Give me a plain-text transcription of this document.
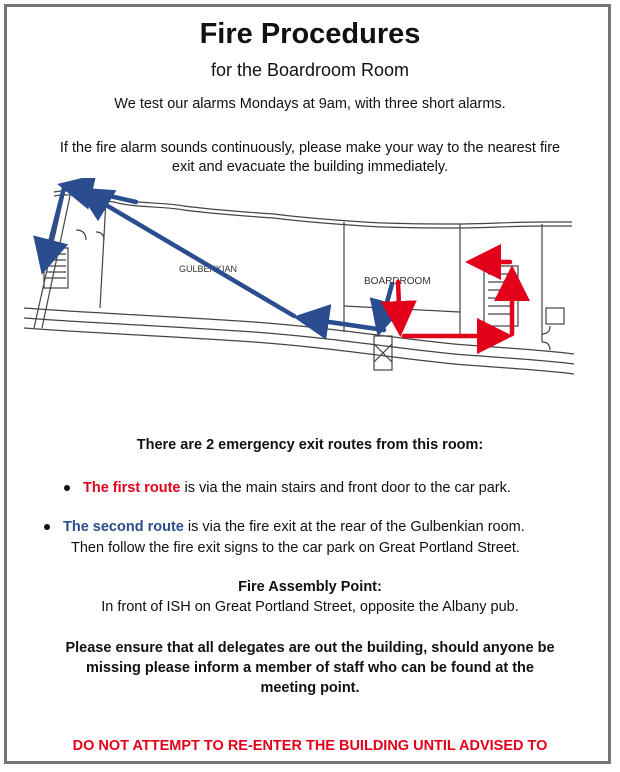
Fire Procedures
for the Boardroom Room
We test our alarms Mondays at 9am, with three short alarms.
If the fire alarm sounds continuously, please make your way to the nearest fire
exit and evacuate the building immediately.
GULBENKIAN
BOARDROOM
There are 2 emergency exit routes from this room:
The first route is via the main stairs and front door to the car park.
The second route is via the fire exit at the rear of the Gulbenkian room.
Then follow the fire exit signs to the car park on Great Portland Street.
Fire Assembly Point:
In front of ISH on Great Portland Street, opposite the Albany pub.
Please ensure that all delegates are out the building, should anyone be
missing please inform a member of staff who can be found at the
meeting point.
DO NOT ATTEMPT TO RE-ENTER THE BUILDING UNTIL ADVISED TO
